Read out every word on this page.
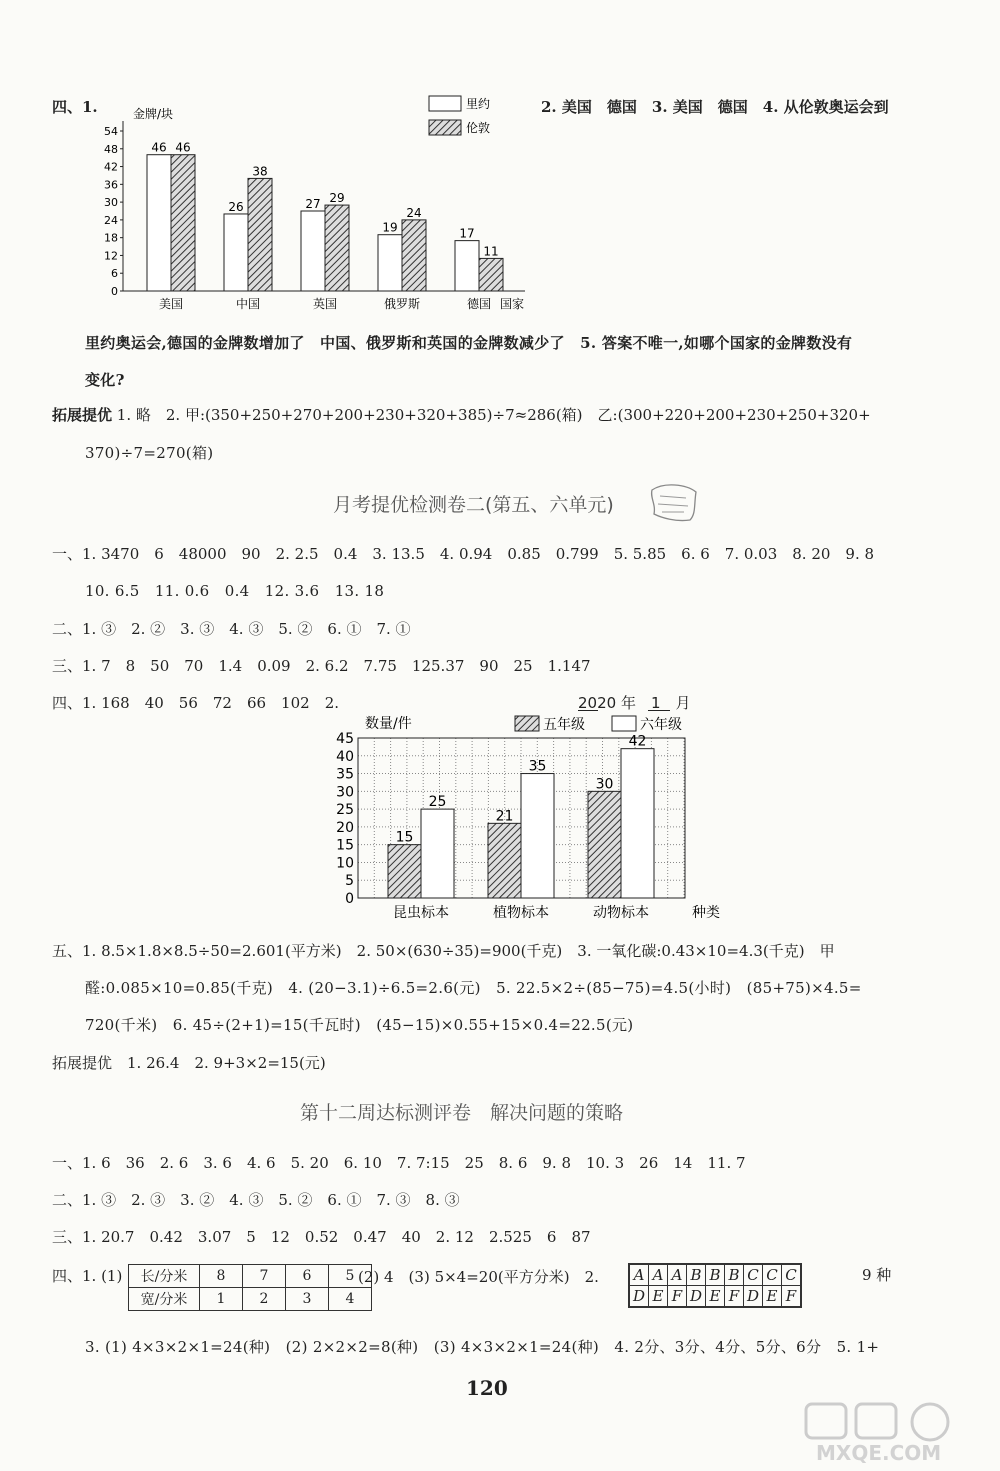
四、1.	金牌/块
0
6
12
18
24
30
36
42
48
54
46 46
美国
26
38
中国
27 29
英国
19
24
俄罗斯
17
11
德国 国家
里约
伦敦
2. 美国　德国　3. 美国　德国　4. 从伦敦奥运会到
里约奥运会,德国的金牌数增加了　中国、俄罗斯和英国的金牌数减少了　5. 答案不唯一,如哪个国家的金牌数没有
变化?
拓展提优 1. 略　2. 甲:(350+250+270+200+230+320+385)÷7≈286(箱)　乙:(300+220+200+230+250+320+
370)÷7=270(箱)
月考提优检测卷二(第五、六单元)
一、1. 3470　6　48000　90　2. 2.5　0.4　3. 13.5　4. 0.94　0.85　0.799　5. 5.85　6. 6　7. 0.03　8. 20　9. 8
10. 6.5　11. 0.6　0.4　12. 3.6　13. 18
二、1. ③　2. ②　3. ③　4. ③　5. ②　6. ①　7. ①
三、1. 7　8　50　70　1.4　0.09　2. 6.2　7.75　125.37　90　25　1.147
四、1. 168　40　56　72　66　102　2.	2020 年　1　月
数量/件	五年级	六年级
0
5
10
15
20
25
30
35
40
45
15
25
昆虫标本
21
35
植物标本
30
42
动物标本	种类
五、1. 8.5×1.8×8.5÷50=2.601(平方米)　2. 50×(630÷35)=900(千克)　3. 一氧化碳:0.43×10=4.3(千克)　甲
醛:0.085×10=0.85(千克)　4. (20−3.1)÷6.5=2.6(元)　5. 22.5×2÷(85−75)=4.5(小时)　(85+75)×4.5=
720(千米)　6. 45÷(2+1)=15(千瓦时)　(45−15)×0.55+15×0.4=22.5(元)
拓展提优　1. 26.4　2. 9+3×2=15(元)
第十二周达标测评卷　解决问题的策略
一、1. 6　36　2. 6　3. 6　4. 6　5. 20　6. 10　7. 7:15　25　8. 6　9. 8　10. 3　26　14　11. 7
二、1. ③　2. ③　3. ②　4. ③　5. ②　6. ①　7. ③　8. ③
三、1. 20.7　0.42　3.07　5　12　0.52　0.47　40　2. 12　2.525　6　87
四、1. (1) 长/分米	8	7	6	5
宽/分米	1	2	3	4
(2) 4　(3) 5×4=20(平方分米)　2. A	A	A	B	B	B	C	C	C
D	E	F	D	E	F	D	E	F
9 种
3. (1) 4×3×2×1=24(种)　(2) 2×2×2=8(种)　(3) 4×3×2×1=24(种)　4. 2分、3分、4分、5分、6分　5. 1+
120
MXQE.COM
